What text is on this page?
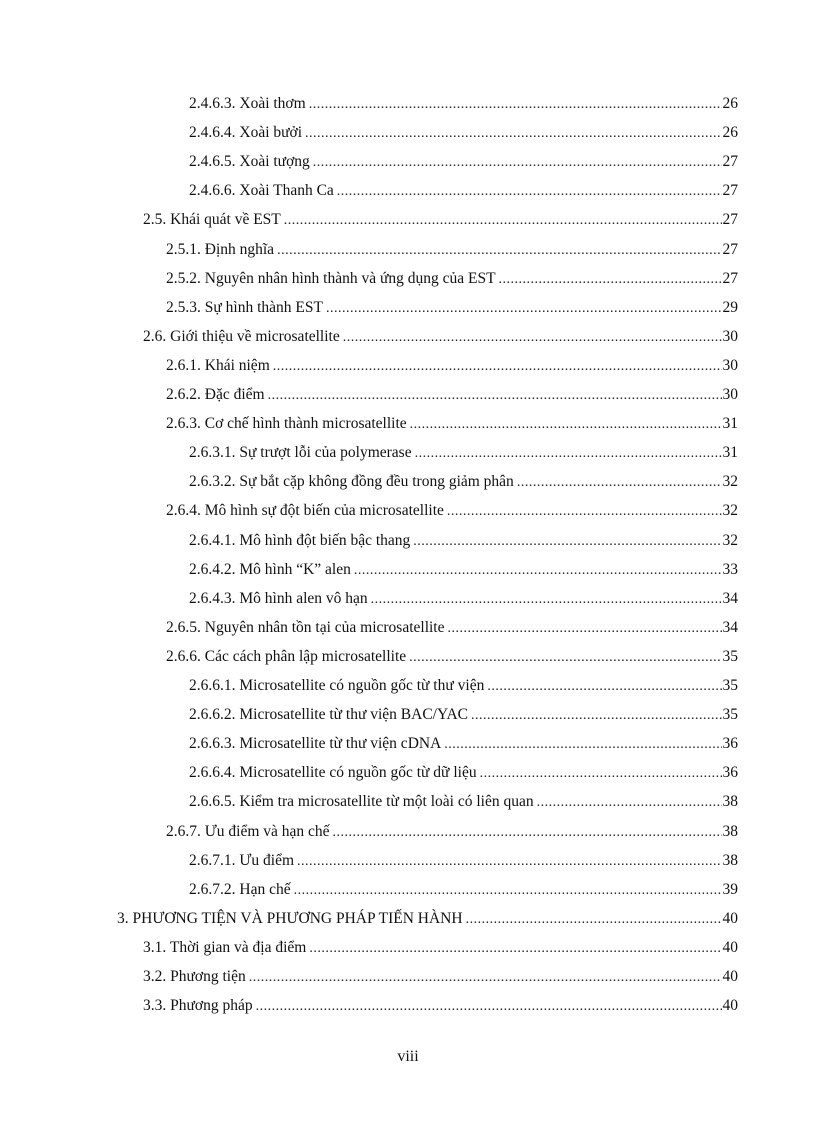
2.4.6.3. Xoài thơm .....	26
2.4.6.4. Xoài bưởi .....	26
2.4.6.5. Xoài tượng .....	27
2.4.6.6. Xoài Thanh Ca .....	27
2.5. Khái quát về EST .....	27
2.5.1. Định nghĩa .....	27
2.5.2. Nguyên nhân hình thành và ứng dụng của EST .....	27
2.5.3. Sự hình thành EST .....	29
2.6. Giới thiệu về microsatellite .....	30
2.6.1. Khái niệm .....	30
2.6.2. Đặc điểm .....	30
2.6.3. Cơ chế hình thành microsatellite .....	31
2.6.3.1. Sự trượt lỗi của polymerase .....	31
2.6.3.2. Sự bắt cặp không đồng đều trong giảm phân .....	32
2.6.4. Mô hình sự đột biến của microsatellite .....	32
2.6.4.1. Mô hình đột biến bậc thang .....	32
2.6.4.2. Mô hình “K” alen .....	33
2.6.4.3. Mô hình alen vô hạn .....	34
2.6.5. Nguyên nhân tồn tại của microsatellite .....	34
2.6.6. Các cách phân lập microsatellite .....	35
2.6.6.1. Microsatellite có nguồn gốc từ thư viện .....	35
2.6.6.2. Microsatellite từ thư viện BAC/YAC .....	35
2.6.6.3. Microsatellite từ thư viện cDNA .....	36
2.6.6.4. Microsatellite có nguồn gốc từ dữ liệu .....	36
2.6.6.5. Kiểm tra microsatellite từ một loài có liên quan .....	38
2.6.7. Ưu điểm và hạn chế .....	38
2.6.7.1. Ưu điểm .....	38
2.6.7.2. Hạn chế .....	39
3. PHƯƠNG TIỆN VÀ PHƯƠNG PHÁP TIẾN HÀNH .....	40
3.1. Thời gian và địa điểm .....	40
3.2. Phương tiện .....	40
3.3. Phương pháp .....	40
viii
